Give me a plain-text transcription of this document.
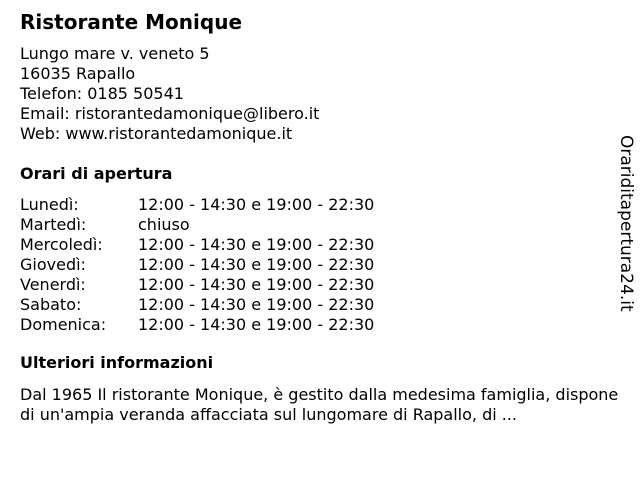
Ristorante Monique
Lungo mare v. veneto 5
16035 Rapallo
Telefon: 0185 50541
Email: ristorantedamonique@libero.it
Web: www.ristorantedamonique.it
Orari di apertura
Lunedì:	12:00 - 14:30 e 19:00 - 22:30
Martedì:	chiuso
Mercoledì:	12:00 - 14:30 e 19:00 - 22:30
Giovedì:	12:00 - 14:30 e 19:00 - 22:30
Venerdì:	12:00 - 14:30 e 19:00 - 22:30
Sabato:	12:00 - 14:30 e 19:00 - 22:30
Domenica:	12:00 - 14:30 e 19:00 - 22:30
Ulteriori informazioni
Dal 1965 Il ristorante Monique, è gestito dalla medesima famiglia, dispone di un'ampia veranda affacciata sul lungomare di Rapallo, di ...
Orariditapertura24.it
